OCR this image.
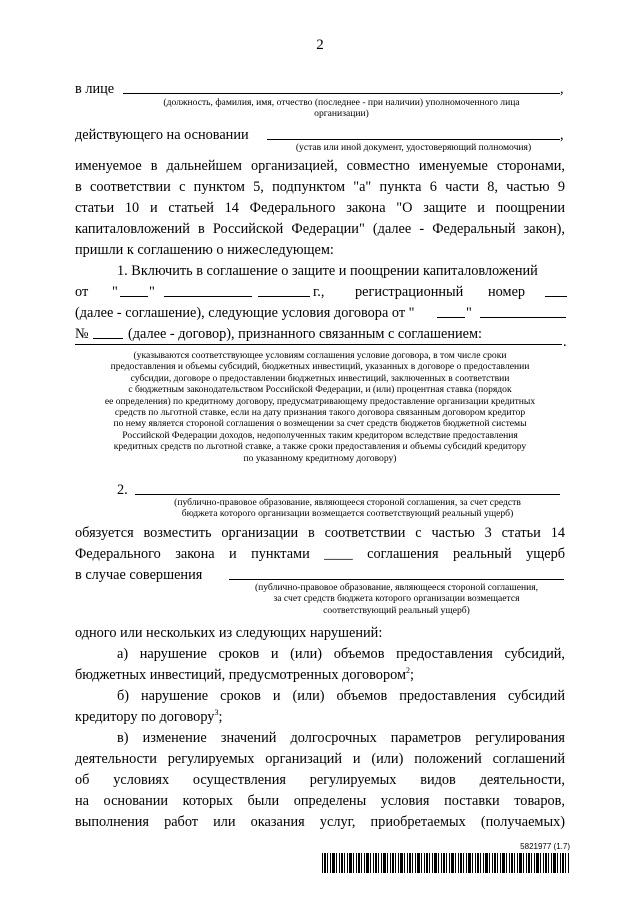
2
в лице	,
(должность, фамилия, имя, отчество (последнее - при наличии) уполномоченного лица
организации)
действующего на основании	,
(устав или иной документ, удостоверяющий полномочия)
именуемое в дальнейшем организацией, совместно именуемые сторонами,
в соответствии с пунктом 5, подпунктом "а" пункта 6 части 8, частью 9
статьи 10 и статьей 14 Федерального закона "О защите и поощрении
капиталовложений в Российской Федерации" (далее - Федеральный закон),
пришли к соглашению о нижеследующем:
1. Включить в соглашение о защите и поощрении капиталовложений
от	" "	г.,	регистрационный	номер
(далее - соглашение), следующие условия договора от "	"
№	(далее - договор), признанного связанным с соглашением:	.
(указываются соответствующее условиям соглашения условие договора, в том числе сроки
предоставления и объемы субсидий, бюджетных инвестиций, указанных в договоре о предоставлении
субсидии, договоре о предоставлении бюджетных инвестиций, заключенных в соответствии
с бюджетным законодательством Российской Федерации, и (или) процентная ставка (порядок
ее определения) по кредитному договору, предусматривающему предоставление организации кредитных
средств по льготной ставке, если на дату признания такого договора связанным договором кредитор
по нему является стороной соглашения о возмещении за счет средств бюджетов бюджетной системы
Российской Федерации доходов, недополученных таким кредитором вследствие предоставления
кредитных средств по льготной ставке, а также сроки предоставления и объемы субсидий кредитору
по указанному кредитному договору)
2.
(публично-правовое образование, являющееся стороной соглашения, за счет средств
бюджета которого организации возмещается соответствующий реальный ущерб)
обязуется возместить организации в соответствии с частью 3 статьи 14
Федерального закона и пунктами ____ соглашения реальный ущерб
в случае совершения
(публично-правовое образование, являющееся стороной соглашения,
за счет средств бюджета которого организации возмещается
соответствующий реальный ущерб)
одного или нескольких из следующих нарушений:
а) нарушение сроков и (или) объемов предоставления субсидий,
бюджетных инвестиций, предусмотренных договором$^2$;
б) нарушение сроков и (или) объемов предоставления субсидий
кредитору по договору$^3$;
в) изменение значений долгосрочных параметров регулирования
деятельности регулируемых организаций и (или) положений соглашений
об условиях осуществления регулируемых видов деятельности,
на основании которых были определены условия поставки товаров,
выполнения работ или оказания услуг, приобретаемых (получаемых)
5821977 (1.7)
